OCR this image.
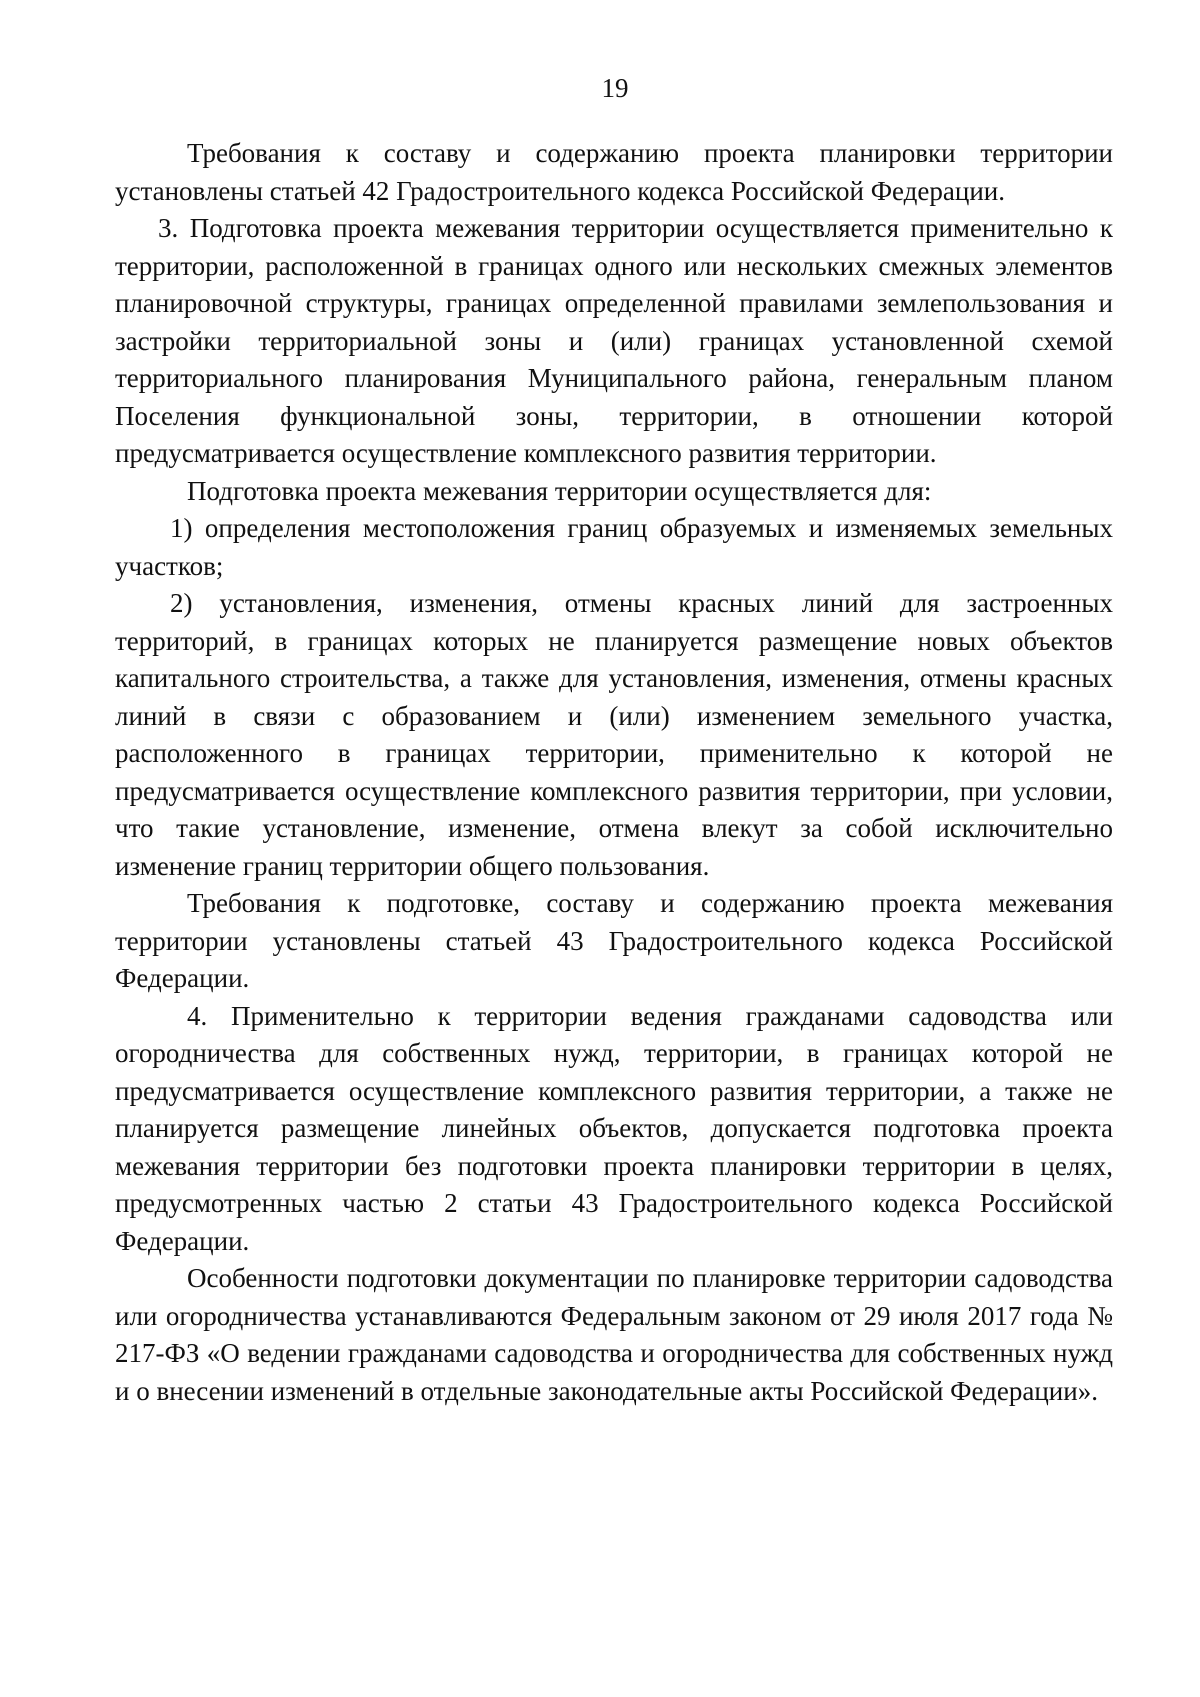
19

Требования к составу и содержанию проекта планировки территории установлены статьей 42 Градостроительного кодекса Российской Федерации.

3. Подготовка проекта межевания территории осуществляется применительно к территории, расположенной в границах одного или нескольких смежных элементов планировочной структуры, границах определенной правилами землепользования и застройки территориальной зоны и (или) границах установленной схемой территориального планирования Муниципального района, генеральным планом Поселения функциональной зоны, территории, в отношении которой предусматривается осуществление комплексного развития территории.

Подготовка проекта межевания территории осуществляется для:

1) определения местоположения границ образуемых и изменяемых земельных участков;

2) установления, изменения, отмены красных линий для застроенных территорий, в границах которых не планируется размещение новых объектов капитального строительства, а также для установления, изменения, отмены красных линий в связи с образованием и (или) изменением земельного участка, расположенного в границах территории, применительно к которой не предусматривается осуществление комплексного развития территории, при условии, что такие установление, изменение, отмена влекут за собой исключительно изменение границ территории общего пользования.

Требования к подготовке, составу и содержанию проекта межевания территории установлены статьей 43 Градостроительного кодекса Российской Федерации.

4. Применительно к территории ведения гражданами садоводства или огородничества для собственных нужд, территории, в границах которой не предусматривается осуществление комплексного развития территории, а также не планируется размещение линейных объектов, допускается подготовка проекта межевания территории без подготовки проекта планировки территории в целях, предусмотренных частью 2 статьи 43 Градостроительного кодекса Российской Федерации.

Особенности подготовки документации по планировке территории садоводства или огородничества устанавливаются Федеральным законом от 29 июля 2017 года № 217-ФЗ «О ведении гражданами садоводства и огородничества для собственных нужд и о внесении изменений в отдельные законодательные акты Российской Федерации».
